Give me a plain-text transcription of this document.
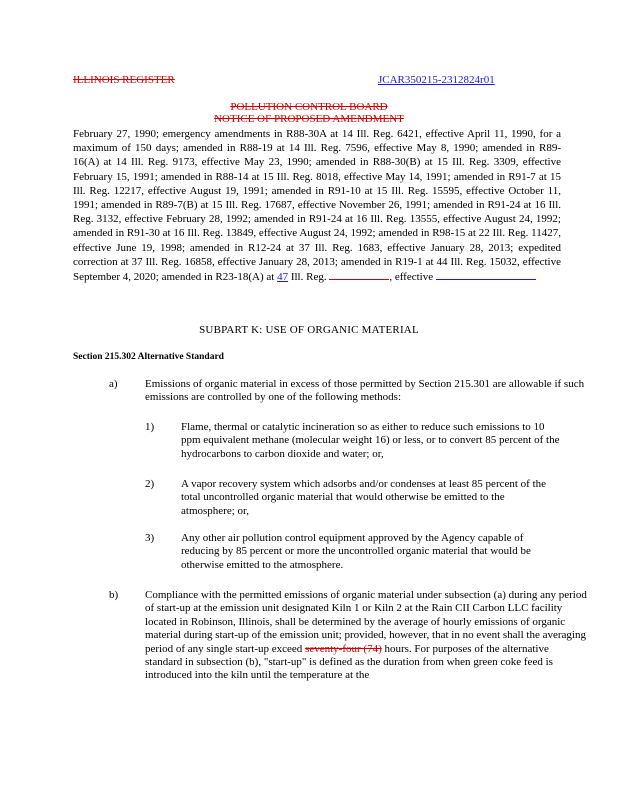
ILLINOIS REGISTER	JCAR350215-2312824r01
POLLUTION CONTROL BOARD
NOTICE OF PROPOSED AMENDMENT

February 27, 1990; emergency amendments in R88-30A at 14 Ill. Reg. 6421, effective April 11, 1990, for a maximum of 150 days; amended in R88-19 at 14 Ill. Reg. 7596, effective May 8, 1990; amended in R89-16(A) at 14 Ill. Reg. 9173, effective May 23, 1990; amended in R88-30(B) at 15 Ill. Reg. 3309, effective February 15, 1991; amended in R88-14 at 15 Ill. Reg. 8018, effective May 14, 1991; amended in R91-7 at 15 Ill. Reg. 12217, effective August 19, 1991; amended in R91-10 at 15 Ill. Reg. 15595, effective October 11, 1991; amended in R89-7(B) at 15 Ill. Reg. 17687, effective November 26, 1991; amended in R91-24 at 16 Ill. Reg. 3132, effective February 28, 1992; amended in R91-24 at 16 Ill. Reg. 13555, effective August 24, 1992; amended in R91-30 at 16 Ill. Reg. 13849, effective August 24, 1992; amended in R98-15 at 22 Ill. Reg. 11427, effective June 19, 1998; amended in R12-24 at 37 Ill. Reg. 1683, effective January 28, 2013; expedited correction at 37 Ill. Reg. 16858, effective January 28, 2013; amended in R19-1 at 44 Ill. Reg. 15032, effective September 4, 2020; amended in R23-18(A) at 47 Ill. Reg.	, effective

SUBPART K: USE OF ORGANIC MATERIAL
Section 215.302 Alternative Standard
a) Emissions of organic material in excess of those permitted by Section 215.301 are allowable if such emissions are controlled by one of the following methods:

1) Flame, thermal or catalytic incineration so as either to reduce such emissions to 10 ppm equivalent methane (molecular weight 16) or less, or to convert 85 percent of the hydrocarbons to carbon dioxide and water; or,

2) A vapor recovery system which adsorbs and/or condenses at least 85 percent of the total uncontrolled organic material that would otherwise be emitted to the atmosphere; or,

3) Any other air pollution control equipment approved by the Agency capable of reducing by 85 percent or more the uncontrolled organic material that would be otherwise emitted to the atmosphere.

b) Compliance with the permitted emissions of organic material under subsection (a) during any period of start-up at the emission unit designated Kiln 1 or Kiln 2 at the Rain CII Carbon LLC facility located in Robinson, Illinois, shall be determined by the average of hourly emissions of organic material during start-up of the emission unit; provided, however, that in no event shall the averaging period of any single start-up exceed seventy-four (74) hours. For purposes of the alternative standard in subsection (b), "start-up" is defined as the duration from when green coke feed is introduced into the kiln until the temperature at the
